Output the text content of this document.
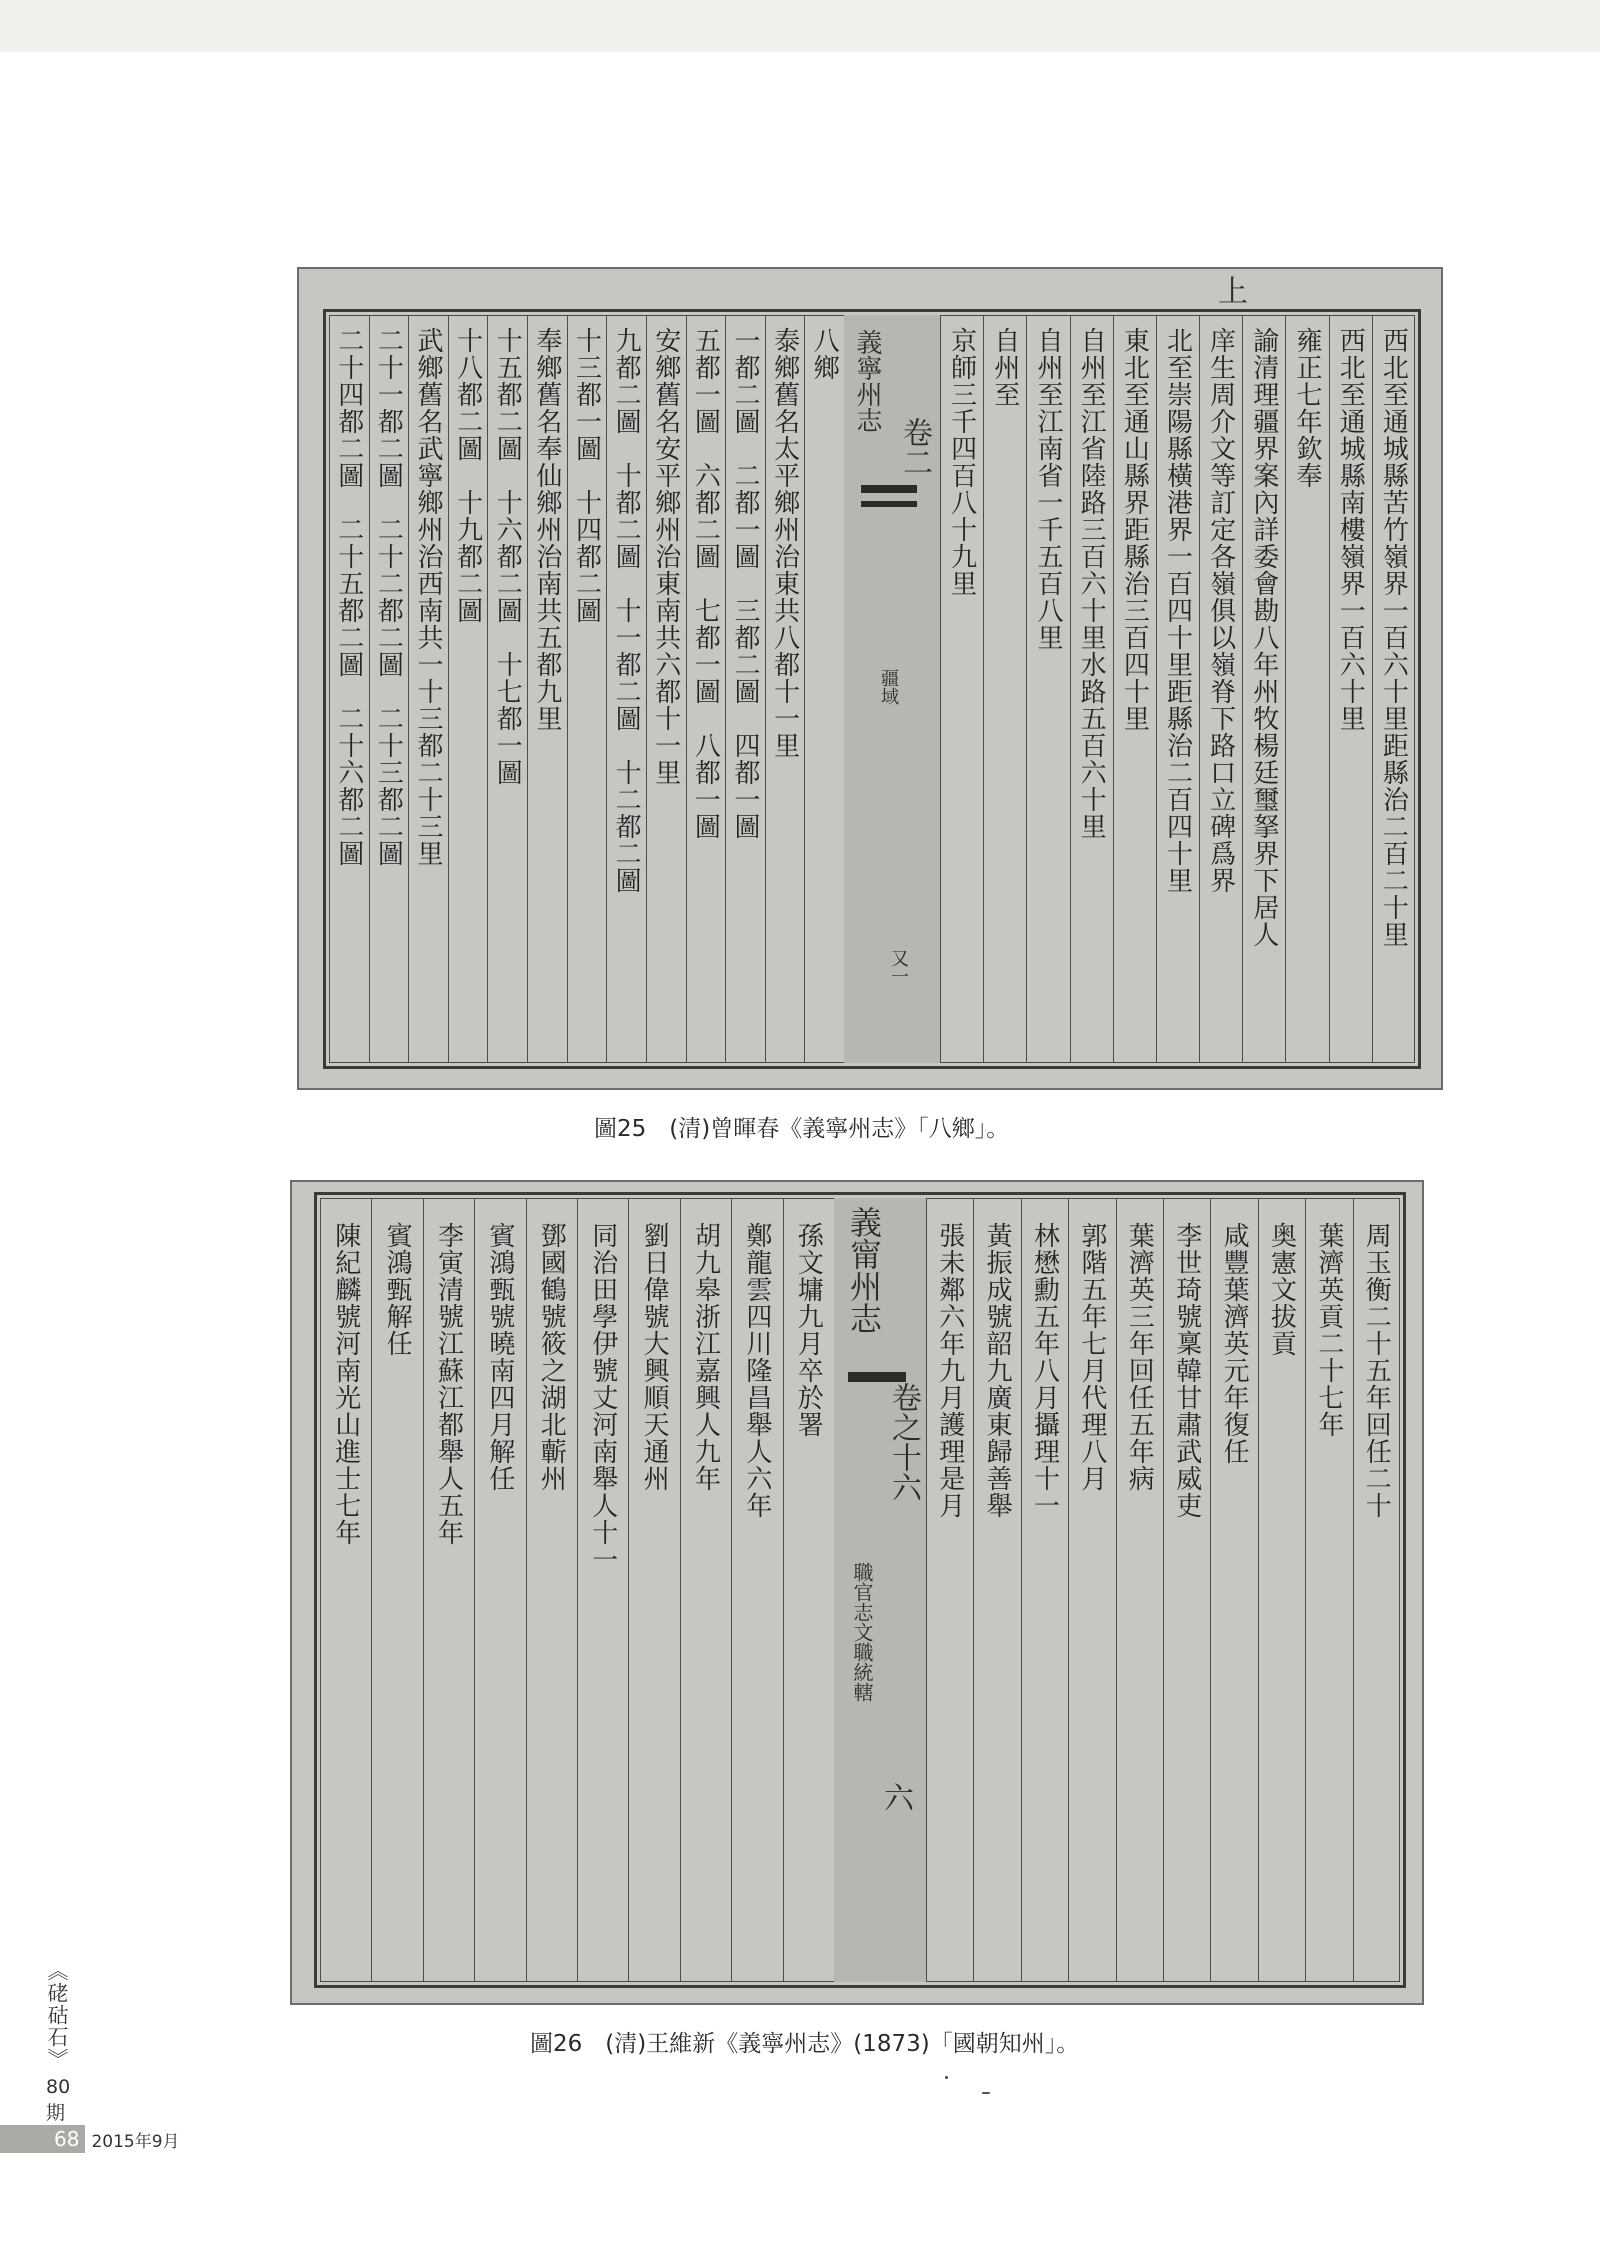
西北至通城縣苦竹嶺界一百六十里距縣治二百二十里
西北至通城縣南樓嶺界一百六十里
雍正七年欽奉
諭清理疆界案內詳委會勘八年州牧楊廷璽拏界下居人
庠生周介文等訂定各嶺俱以嶺脊下路口立碑爲界
北至崇陽縣橫港界一百四十里距縣治二百四十里
東北至通山縣界距縣治三百四十里
自州至江省陸路三百六十里水路五百六十里
自州至江南省一千五百八里
自州至
京師三千四百八十九里
八鄉
泰鄉舊名太平鄉州治東共八都十一里
一都二圖　二都一圖　三都二圖　四都一圖
五都一圖　六都二圖　七都一圖　八都一圖
安鄉舊名安平鄉州治東南共六都十一里
九都二圖　十都二圖　十一都二圖　十二都二圖
十三都一圖　十四都二圖
奉鄉舊名奉仙鄉州治南共五都九里
十五都二圖　十六都二圖　十七都一圖
十八都二圖　十九都二圖
武鄉舊名武寧鄉州治西南共一十三都二十三里
二十一都二圖　二十二都二圖　二十三都二圖
二十四都二圖　二十五都二圖　二十六都二圖
上
義寧州志
卷二
疆域
又一
圖25　(清)曾暉春《義寧州志》「八鄉」。
周玉衡二十五年回任二十
葉濟英貢二十七年
奥憲文拔貢
咸豐葉濟英元年復任
李世琦號稟韓甘肅武威吏
葉濟英三年回任五年病
郭階五年七月代理八月
林懋勳五年八月攝理十一
黃振成號韶九廣東歸善舉
張未鄰六年九月護理是月
孫文墉九月卒於署
鄭龍雲四川隆昌舉人六年
胡九皋浙江嘉興人九年
劉日偉號大興順天通州
同治田學伊號丈河南舉人十一
鄧國鶴號筱之湖北蘄州
賓鴻甄號曉南四月解任
李寅清號江蘇江都舉人五年
賓鴻甄解任
陳紀麟號河南光山進士七年	義甯州志
卷之十六
職官志文職統轄
六
圖26　(清)王維新《義寧州志》(1873)「國朝知州」。
《硓𥑮石》
80
期
68 2015年9月
